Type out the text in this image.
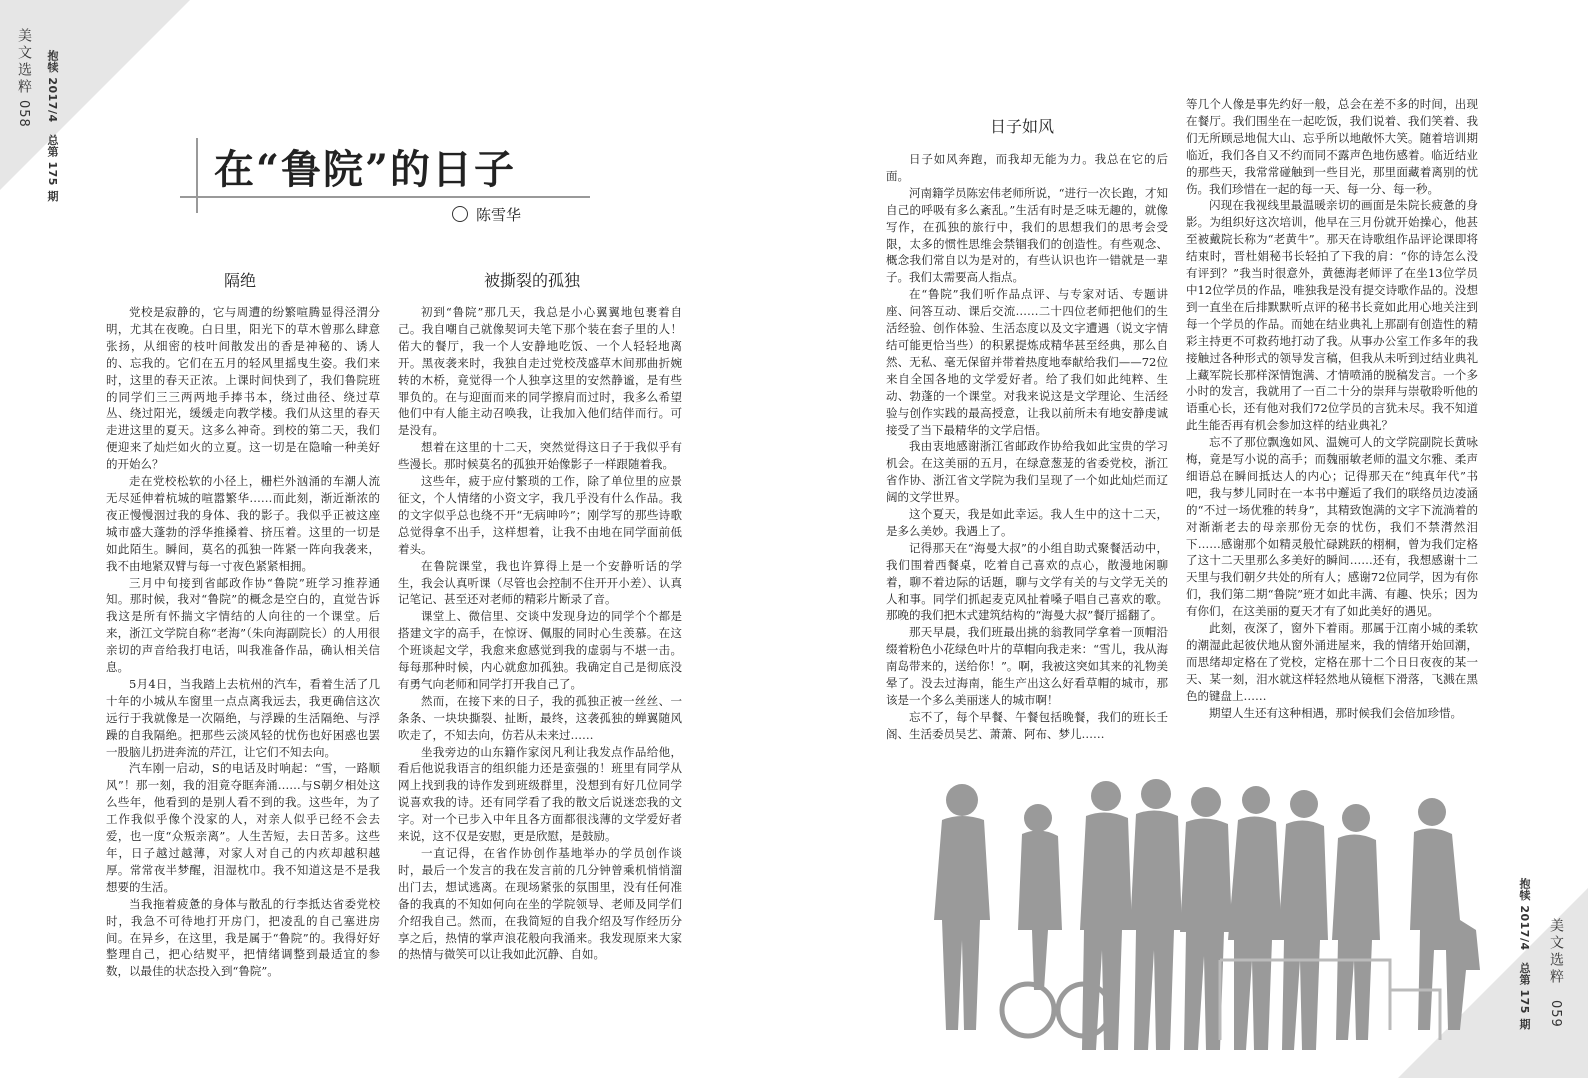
美文选粹
058 抱犊 2017/4　总第 175 期	在“鲁院”的日子
陈雪华
隔绝	被撕裂的孤独

党校是寂静的，它与周遭的纷繁喧腾显得泾渭分明，尤其在夜晚。白日里，阳光下的草木曾那么肆意张扬，从细密的枝叶间散发出的香是神秘的、诱人的、忘我的。它们在五月的轻风里摇曳生姿。我们来时，这里的春天正浓。上课时间快到了，我们鲁院班的同学们三三两两地手捧书本，绕过曲径、绕过草丛、绕过阳光，缓缓走向教学楼。我们从这里的春天走进这里的夏天。这多么神奇。到校的第二天，我们便迎来了灿烂如火的立夏。这一切是在隐喻一种美好的开始么？

走在党校松软的小径上，栅栏外汹涌的车潮人流无尽延伸着杭城的喧嚣繁华……而此刻，渐近渐浓的夜正慢慢洇过我的身体、我的影子。我似乎正被这座城市盛大蓬勃的浮华推搡着、挤压着。这里的一切是如此陌生。瞬间，莫名的孤独一阵紧一阵向我袭来，我不由地紧双臂与每一寸夜色紧紧相拥。

三月中旬接到省邮政作协“鲁院”班学习推荐通知。那时候，我对“鲁院”的概念是空白的，直觉告诉我这是所有怀揣文字情结的人向往的一个课堂。后来，浙江文学院自称“老海”（朱向海副院长）的人用很亲切的声音给我打电话，叫我准备作品，确认相关信息。

5月4日，当我踏上去杭州的汽车，看着生活了几十年的小城从车窗里一点点离我远去，我更确信这次远行于我就像是一次隔绝，与浮躁的生活隔绝、与浮躁的自我隔绝。把那些云淡风轻的忧伤也好困惑也罢一股脑儿扔进奔流的芹江，让它们不知去向。

汽车刚一启动，S的电话及时响起：“雪，一路顺风”！那一刻，我的泪竟夺眶奔涌……与S朝夕相处这么些年，他看到的是别人看不到的我。这些年，为了工作我似乎像个没家的人，对亲人似乎已经不会去爱，也一度“众叛亲离”。人生苦短，去日苦多。这些年，日子越过越薄，对家人对自己的内疚却越积越厚。常常夜半梦醒，泪湿枕巾。我不知道这是不是我想要的生活。

当我拖着疲惫的身体与散乱的行李抵达省委党校时，我急不可待地打开房门，把凌乱的自己塞进房间。在异乡，在这里，我是属于“鲁院”的。我得好好整理自己，把心结熨平，把情绪调整到最适宜的参数，以最佳的状态投入到“鲁院”。

初到“鲁院”那几天，我总是小心翼翼地包裹着自己。我自嘲自己就像契诃夫笔下那个装在套子里的人！偌大的餐厅，我一个人安静地吃饭、一个人轻轻地离开。黑夜袭来时，我独自走过党校茂盛草木间那曲折婉转的木桥，竟觉得一个人独享这里的安然静谧，是有些罪负的。在与迎面而来的同学擦肩而过时，我多么希望他们中有人能主动召唤我，让我加入他们结伴而行。可是没有。

想着在这里的十二天，突然觉得这日子于我似乎有些漫长。那时候莫名的孤独开始像影子一样跟随着我。

这些年，疲于应付繁琐的工作，除了单位里的应景征文，个人情绪的小资文字，我几乎没有什么作品。我的文字似乎总也绕不开“无病呻吟”；刚学写的那些诗歌总觉得拿不出手，这样想着，让我不由地在同学面前低着头。

在鲁院课堂，我也许算得上是一个安静听话的学生，我会认真听课（尽管也会控制不住开开小差）、认真记笔记、甚至还对老师的精彩片断录了音。

课堂上、微信里、交谈中发现身边的同学个个都是搭建文字的高手，在惊讶、佩服的同时心生羡慕。在这个班谈起文学，我愈来愈感觉到我的虚弱与不堪一击。每每那种时候，内心就愈加孤独。我确定自己是彻底没有勇气向老师和同学打开我自己了。

然而，在接下来的日子，我的孤独正被一丝丝、一条条、一块块撕裂、扯断，最终，这袭孤独的蝉翼随风吹走了，不知去向，仿若从未来过……

坐我旁边的山东籍作家闵凡利让我发点作品给他，看后他说我语言的组织能力还是蛮强的！班里有同学从网上找到我的诗作发到班级群里，没想到有好几位同学说喜欢我的诗。还有同学看了我的散文后说迷恋我的文字。对一个已步入中年且各方面都很浅薄的文学爱好者来说，这不仅是安慰，更是欣慰，是鼓励。

一直记得，在省作协创作基地举办的学员创作谈时，最后一个发言的我在发言前的几分钟曾乘机悄悄溜出门去，想试逃离。在现场紧张的氛围里，没有任何准备的我真的不知如何向在坐的学院领导、老师及同学们介绍我自己。然而，在我简短的自我介绍及写作经历分享之后，热情的掌声浪花般向我涌来。我发现原来大家的热情与微笑可以让我如此沉静、自如。	抱犊 2017/4　总第 175 期 美文选粹
059
日子如风

日子如风奔跑，而我却无能为力。我总在它的后面。

河南籍学员陈宏伟老师所说，“进行一次长跑，才知自己的呼吸有多么紊乱。”生活有时是乏味无趣的，就像写作，在孤独的旅行中，我们的思想我们的思考会受限，太多的惯性思维会禁锢我们的创造性。有些观念、概念我们常自以为是对的，有些认识也许一错就是一辈子。我们太需要高人指点。

在“鲁院”我们听作品点评、与专家对话、专题讲座、问答互动、课后交流……二十四位老师把他们的生活经验、创作体验、生活态度以及文字遭遇（说文字情结可能更恰当些）的积累提炼成精华甚至经典，那么自然、无私、毫无保留并带着热度地奉献给我们——72位来自全国各地的文学爱好者。给了我们如此纯粹、生动、勃蓬的一个课堂。对我来说这是文学理论、生活经验与创作实践的最高授意，让我以前所未有地安静虔诚接受了当下最精华的文学启悟。

我由衷地感谢浙江省邮政作协给我如此宝贵的学习机会。在这美丽的五月，在绿意葱茏的省委党校，浙江省作协、浙江省文学院为我们呈现了一个如此灿烂而辽阔的文学世界。

这个夏天，我是如此幸运。我人生中的这十二天，是多么美妙。我遇上了。

记得那天在“海曼大叔”的小组自助式聚餐活动中，我们围着西餐桌，吃着自己喜欢的点心，散漫地闲聊着，聊不着边际的话题，聊与文学有关的与文学无关的人和事。同学们抓起麦克风扯着嗓子唱自己喜欢的歌。那晚的我们把木式建筑结构的“海曼大叔”餐厅摇翻了。

那天早晨，我们班最出挑的翁教同学拿着一顶帽沿缀着粉色小花绿色叶片的草帽向我走来：“雪儿，我从海南岛带来的，送给你！”。啊，我被这突如其来的礼物美晕了。没去过海南，能生产出这么好看草帽的城市，那该是一个多么美丽迷人的城市啊！

忘不了，每个早餐、午餐包括晚餐，我们的班长壬阁、生活委员吴艺、萧萧、阿布、梦儿……

等几个人像是事先约好一般，总会在差不多的时间，出现在餐厅。我们围坐在一起吃饭，我们说着、我们笑着、我们无所顾忌地侃大山、忘乎所以地敞怀大笑。随着培训期临近，我们各自又不约而同不露声色地伤感着。临近结业的那些天，我常常碰触到一些目光，那里面藏着离别的忧伤。我们珍惜在一起的每一天、每一分、每一秒。

闪现在我视线里最温暖亲切的画面是朱院长疲惫的身影。为组织好这次培训，他早在三月份就开始操心，他甚至被戴院长称为“老黄牛”。那天在诗歌组作品评论课即将结束时，晋杜娟秘书长轻拍了下我的肩：“你的诗怎么没有评到？”我当时很意外，黄德海老师评了在坐13位学员中12位学员的作品，唯独我是没有提交诗歌作品的。没想到一直坐在后排默默听点评的秘书长竟如此用心地关注到每一个学员的作品。而她在结业典礼上那副有创造性的精彩主持更不可救药地打动了我。从事办公室工作多年的我接触过各种形式的领导发言稿，但我从未听到过结业典礼上藏军院长那样深情饱满、才情喷涌的脱稿发言。一个多小时的发言，我就用了一百二十分的崇拜与崇敬聆听他的语重心长，还有他对我们72位学员的言犹未尽。我不知道此生能否再有机会参加这样的结业典礼？

忘不了那位飘逸如风、温婉可人的文学院副院长黄咏梅，竟是写小说的高手；而魏丽敏老师的温文尔雅、柔声细语总在瞬间抵达人的内心；记得那天在“纯真年代”书吧，我与梦儿同时在一本书中邂逅了我们的联络员边凌涵的“不过一场优雅的转身”，其精致饱满的文字下流淌着的对渐渐老去的母亲那份无奈的忧伤，我们不禁潸然泪下……感谢那个如精灵般忙碌跳跃的栩桐，曾为我们定格了这十二天里那么多美好的瞬间……还有，我想感谢十二天里与我们朝夕共处的所有人；感谢72位同学，因为有你们，我们第二期“鲁院”班才如此丰满、有趣、快乐；因为有你们，在这美丽的夏天才有了如此美好的遇见。

此刻，夜深了，窗外下着雨。那属于江南小城的柔软的潮湿此起彼伏地从窗外涌进屋来，我的情绪开始回潮，而思绪却定格在了党校，定格在那十二个日日夜夜的某一天、某一刻，泪水就这样轻然地从镜框下滑落，飞溅在黑色的键盘上……

期望人生还有这种相遇，那时候我们会倍加珍惜。
